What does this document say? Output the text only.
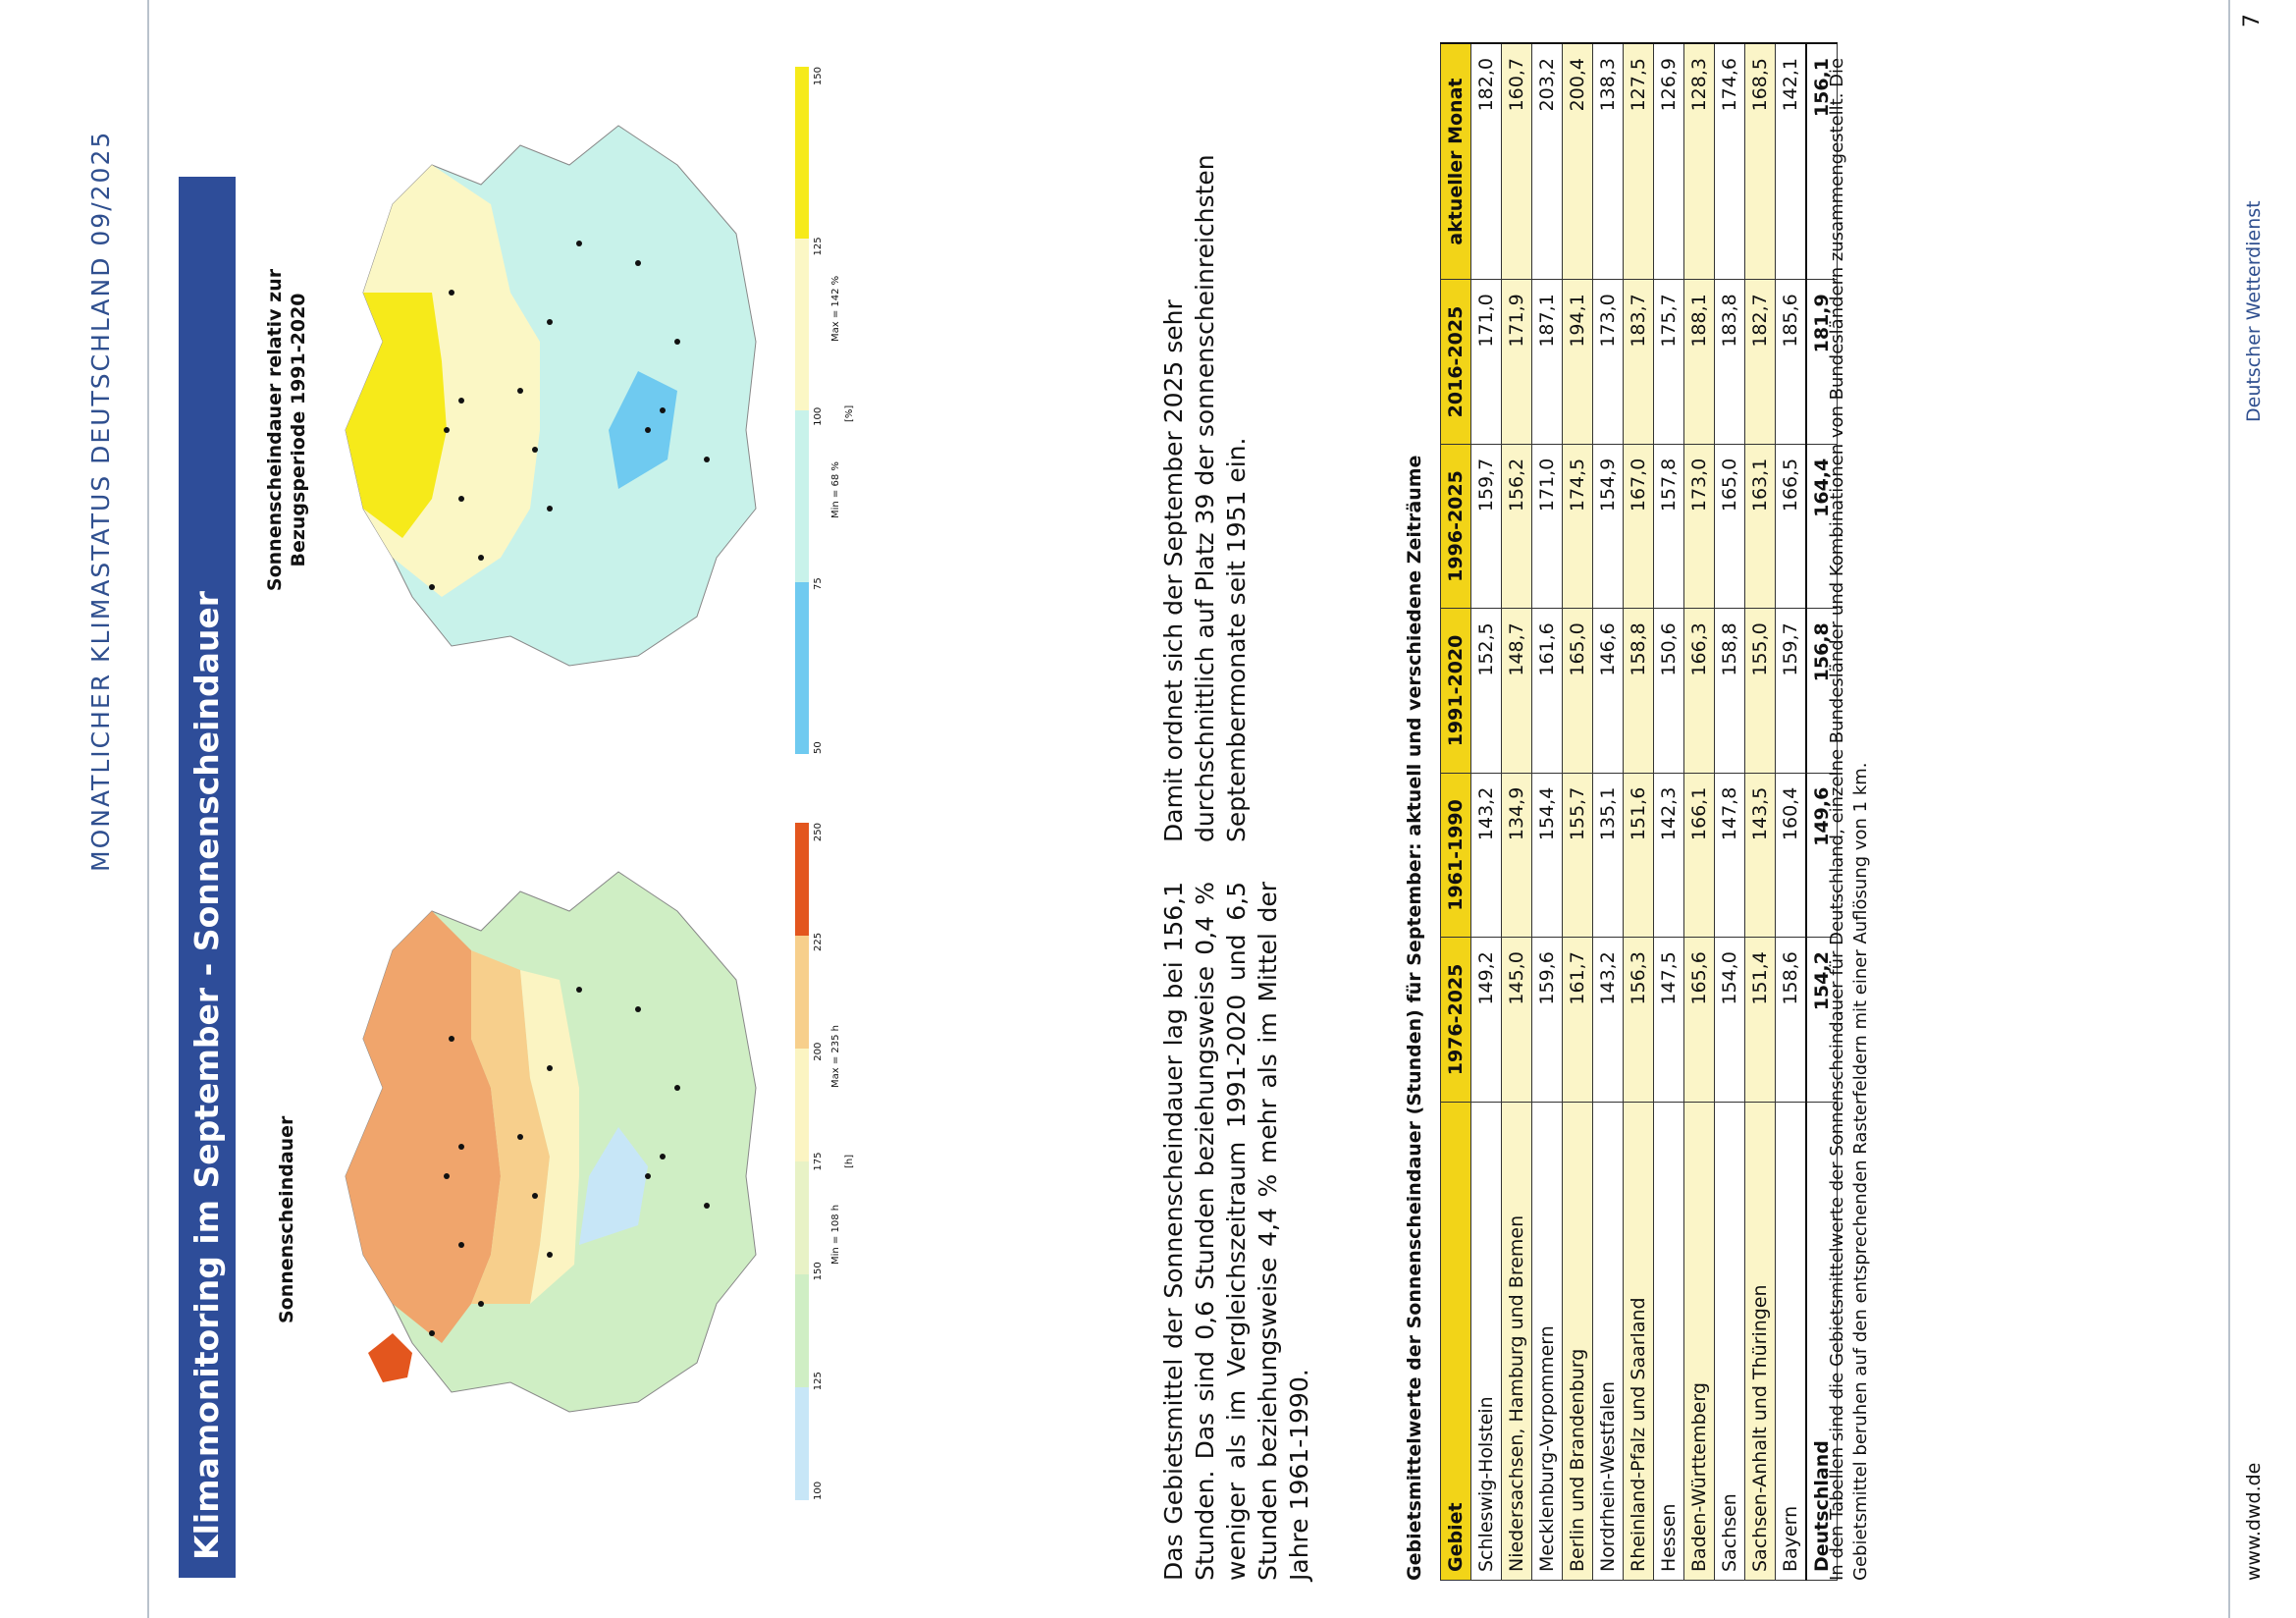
MONATLICHER KLIMASTATUS DEUTSCHLAND 09/2025
Klimamonitoring im September - Sonnenscheindauer	Sonnenscheindauer
Sonnenscheindauer relativ zur Bezugsperiode 1991-2020
100
125
150
175
200
225
250
Min = 108 h
Max = 235 h
[h]
50
75
100
125
150
Min = 68 %
Max = 142 %
[%]
Das Gebietsmittel der Sonnenscheindauer lag bei 156,1 Stunden. Das sind 0,6 Stunden beziehungsweise 0,4 % weniger als im Vergleichszeitraum 1991-2020 und 6,5 Stunden beziehungsweise 4,4 % mehr als im Mittel der Jahre 1961-1990.
Damit ordnet sich der September 2025 sehr durchschnittlich auf Platz 39 der sonnenscheinreichsten Septembermonate seit 1951 ein.	Gebietsmittelwerte der Sonnenscheindauer (Stunden) für September: aktuell und verschiedene Zeiträume Gebiet	1976-2025	1961-1990	1991-2020	1996-2025	2016-2025	aktueller Monat
Schleswig-Holstein	149,2	143,2	152,5	159,7	171,0	182,0
Niedersachsen, Hamburg und Bremen	145,0	134,9	148,7	156,2	171,9	160,7
Mecklenburg-Vorpommern	159,6	154,4	161,6	171,0	187,1	203,2
Berlin und Brandenburg	161,7	155,7	165,0	174,5	194,1	200,4
Nordrhein-Westfalen	143,2	135,1	146,6	154,9	173,0	138,3
Rheinland-Pfalz und Saarland	156,3	151,6	158,8	167,0	183,7	127,5
Hessen	147,5	142,3	150,6	157,8	175,7	126,9
Baden-Württemberg	165,6	166,1	166,3	173,0	188,1	128,3
Sachsen	154,0	147,8	158,8	165,0	183,8	174,6
Sachsen-Anhalt und Thüringen	151,4	143,5	155,0	163,1	182,7	168,5
Bayern	158,6	160,4	159,7	166,5	185,6	142,1
Deutschland	154,2	149,6	156,8	164,4	181,9	156,1
In den Tabellen sind die Gebietsmittelwerte der Sonnenscheindauer für Deutschland, einzelne Bundesländer und Kombinationen von Bundesländern zusammengestellt. Die Gebietsmittel beruhen auf den entsprechenden Rasterfeldern mit einer Auflösung von 1 km.	www.dwd.de
Deutscher Wetterdienst
7
